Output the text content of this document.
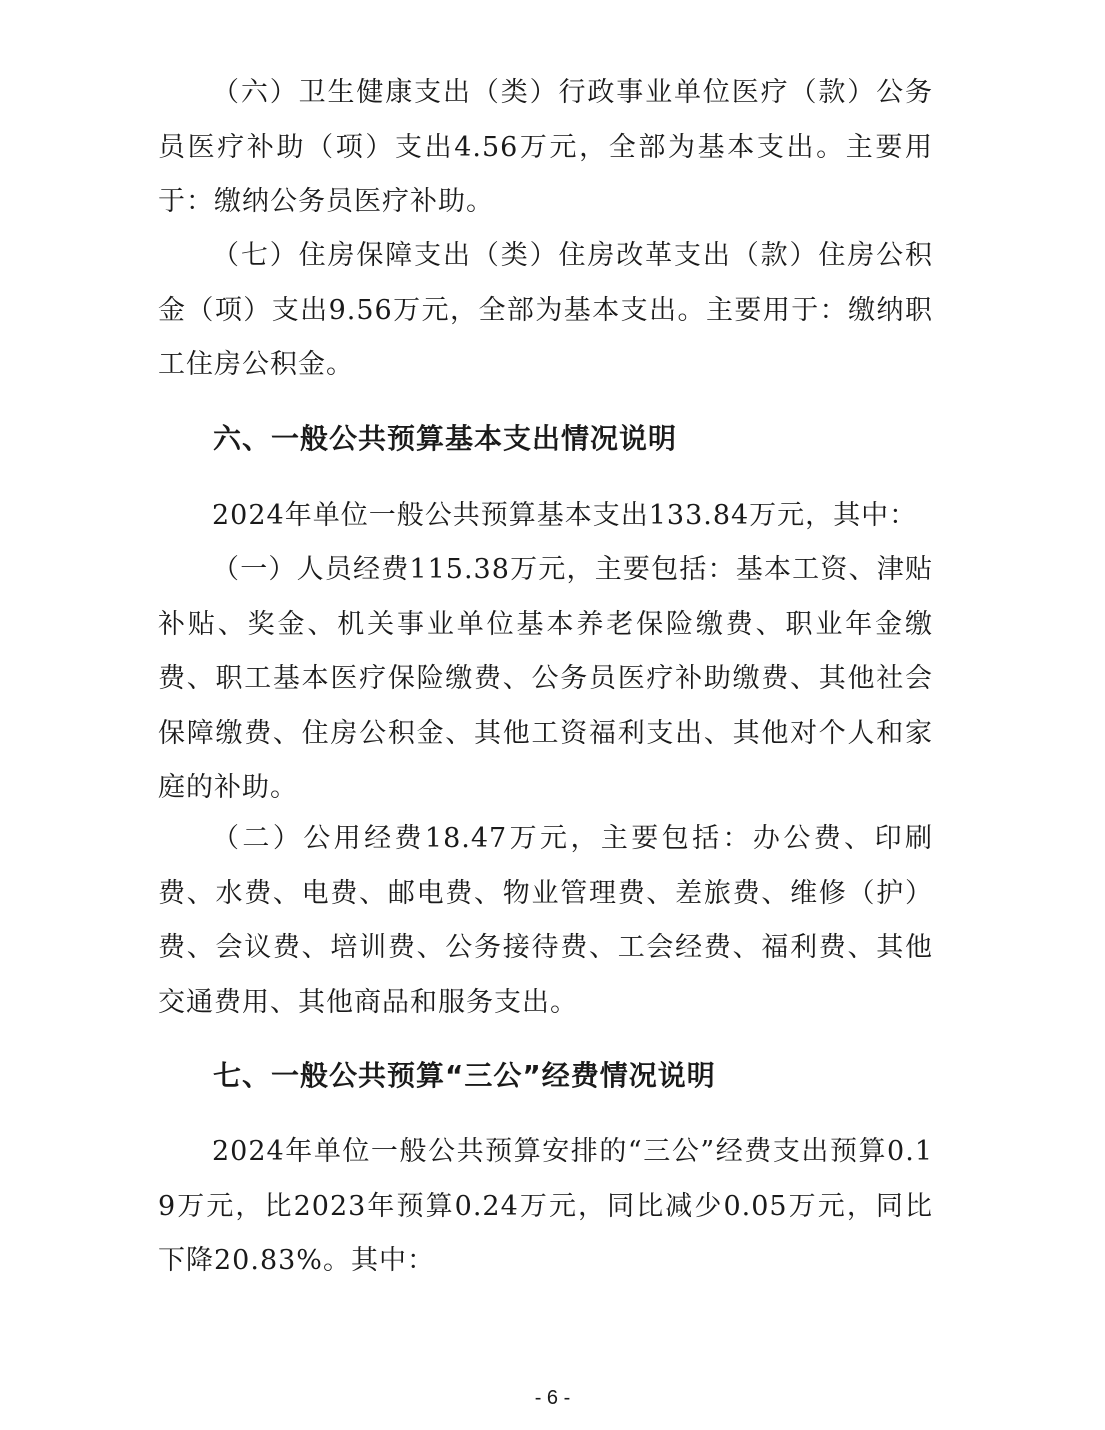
（六）卫生健康支出（类）行政事业单位医疗（款）公务员医疗补助（项）支出4.56万元，全部为基本支出。主要用于：缴纳公务员医疗补助。

（七）住房保障支出（类）住房改革支出（款）住房公积金（项）支出9.56万元，全部为基本支出。主要用于：缴纳职工住房公积金。

六、一般公共预算基本支出情况说明

2024年单位一般公共预算基本支出133.84万元，其中：

（一）人员经费115.38万元，主要包括：基本工资、津贴补贴、奖金、机关事业单位基本养老保险缴费、职业年金缴费、职工基本医疗保险缴费、公务员医疗补助缴费、其他社会保障缴费、住房公积金、其他工资福利支出、其他对个人和家庭的补助。

（二）公用经费18.47万元，主要包括：办公费、印刷费、水费、电费、邮电费、物业管理费、差旅费、维修（护）费、会议费、培训费、公务接待费、工会经费、福利费、其他交通费用、其他商品和服务支出。

七、一般公共预算“三公”经费情况说明

2024年单位一般公共预算安排的“三公”经费支出预算0.19万元，比2023年预算0.24万元，同比减少0.05万元，同比下降20.83%。其中：

- 6 -
